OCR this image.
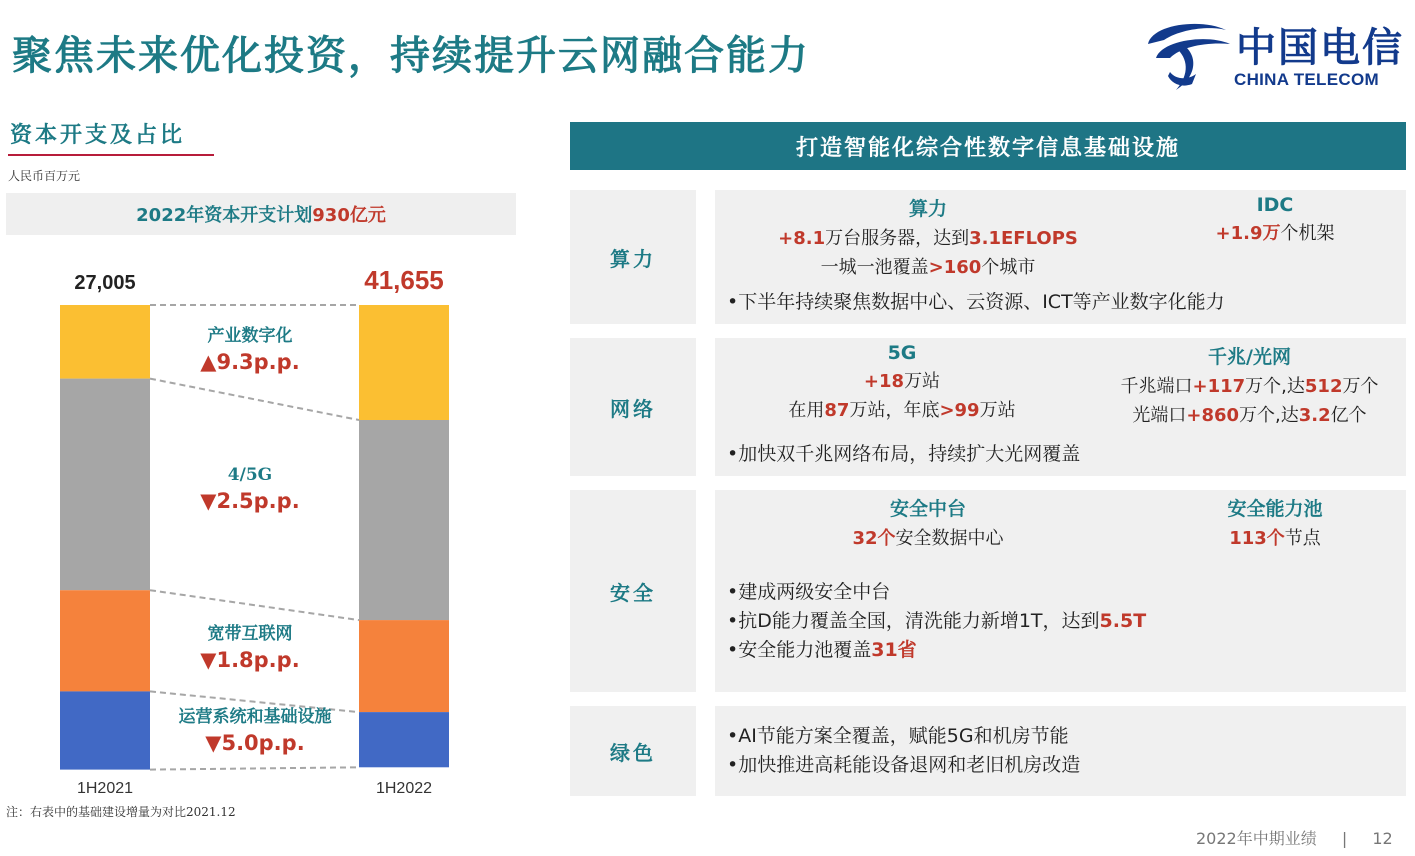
聚焦未来优化投资，持续提升云网融合能力	中国电信
CHINA TELECOM
资本开支及占比
人民币百万元
2022年资本开支计划 930亿元
27,005	41,655
产业数字化
▲9.3p.p.
4/5G
▼2.5p.p.
宽带互联网
▼1.8p.p.
运营系统和基础设施
▼5.0p.p.
1H2021	1H2022
注：右表中的基础建设增量为对比2021.12
打造智能化综合性数字信息基础设施
算力
算力
+8.1万台服务器，达到3.1EFLOPS
一城一池覆盖>160个城市
IDC
+1.9万个机架
•下半年持续聚焦数据中心、云资源、ICT等产业数字化能力
网络
5G
+18万站
在用87万站，年底>99万站
千兆/光网
千兆端口+117万个,达512万个
光端口+860万个,达3.2亿个
•加快双千兆网络布局，持续扩大光网覆盖
安全
安全中台
32个安全数据中心
安全能力池
113个节点
•建成两级安全中台
•抗D能力覆盖全国，清洗能力新增1T，达到5.5T
•安全能力池覆盖31省
绿色
•AI节能方案全覆盖，赋能5G和机房节能
•加快推进高耗能设备退网和老旧机房改造
2022年中期业绩 | 12
